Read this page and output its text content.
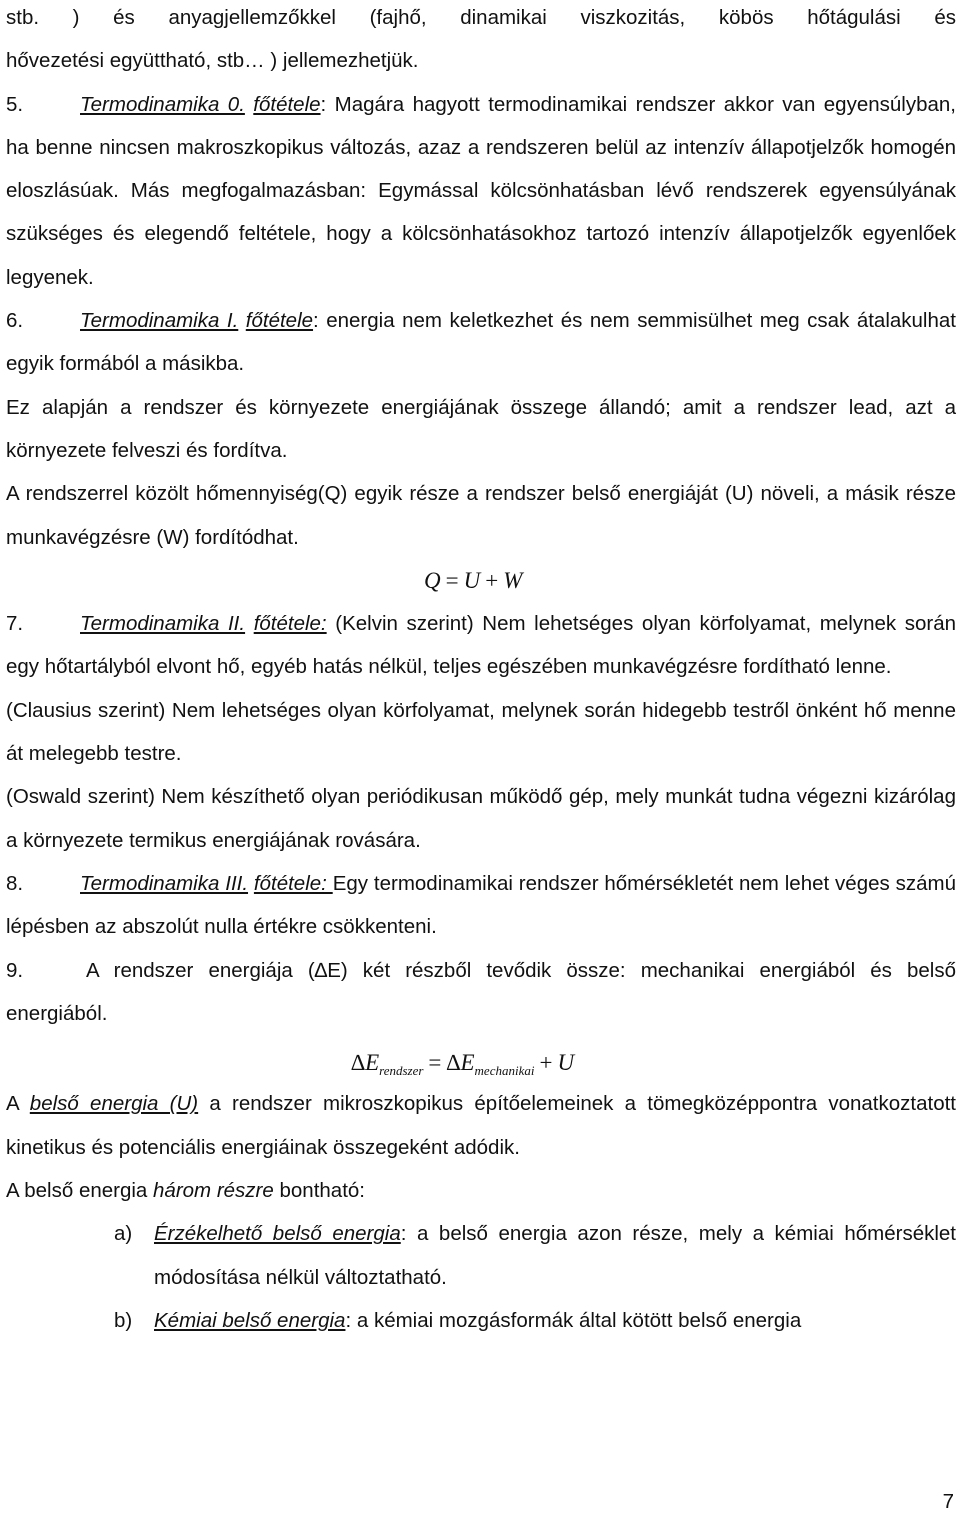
stb. ) és anyagjellemzőkkel (fajhő, dinamikai viszkozitás, köbös hőtágulási és

hővezetési együttható, stb… ) jellemezhetjük.

5.	Termodinamika 0. főtétele: Magára hagyott termodinamikai rendszer akkor van egyensúlyban, ha benne nincsen makroszkopikus változás, azaz a rendszeren belül az intenzív állapotjelzők homogén eloszlásúak. Más megfogalmazásban: Egymással kölcsönhatásban lévő rendszerek egyensúlyának szükséges és elegendő feltétele, hogy a kölcsönhatásokhoz tartozó intenzív állapotjelzők egyenlőek legyenek.

6.	Termodinamika I. főtétele: energia nem keletkezhet és nem semmisülhet meg csak átalakulhat egyik formából a másikba.

Ez alapján a rendszer és környezete energiájának összege állandó; amit a rendszer lead, azt a környezete felveszi és fordítva.

A rendszerrel közölt hőmennyiség(Q) egyik része a rendszer belső energiáját (U) növeli, a másik része munkavégzésre (W) fordítódhat.

Q = U + W

7.	Termodinamika II. főtétele: (Kelvin szerint) Nem lehetséges olyan körfolyamat, melynek során egy hőtartályból elvont hő, egyéb hatás nélkül, teljes egészében munkavégzésre fordítható lenne.

(Clausius szerint) Nem lehetséges olyan körfolyamat, melynek során hidegebb testről önként hő menne át melegebb testre.

(Oswald szerint) Nem készíthető olyan periódikusan működő gép, mely munkát tudna végezni kizárólag a környezete termikus energiájának rovására.

8.	Termodinamika III. főtétele: Egy termodinamikai rendszer hőmérsékletét nem lehet véges számú lépésben az abszolút nulla értékre csökkenteni.

9.	A rendszer energiája (∆E) két részből tevődik össze: mechanikai energiából és belső energiából.

$\Delta E_{rendszer} = \Delta E_{mechanikai} + U$

A belső energia (U) a rendszer mikroszkopikus építőelemeinek a tömegközéppontra vonatkoztatott kinetikus és potenciális energiáinak összegeként adódik.

A belső energia három részre bontható:

a) Érzékelhető belső energia: a belső energia azon része, mely a kémiai hőmérséklet módosítása nélkül változtatható.

b) Kémiai belső energia: a kémiai mozgásformák által kötött belső energia

7
